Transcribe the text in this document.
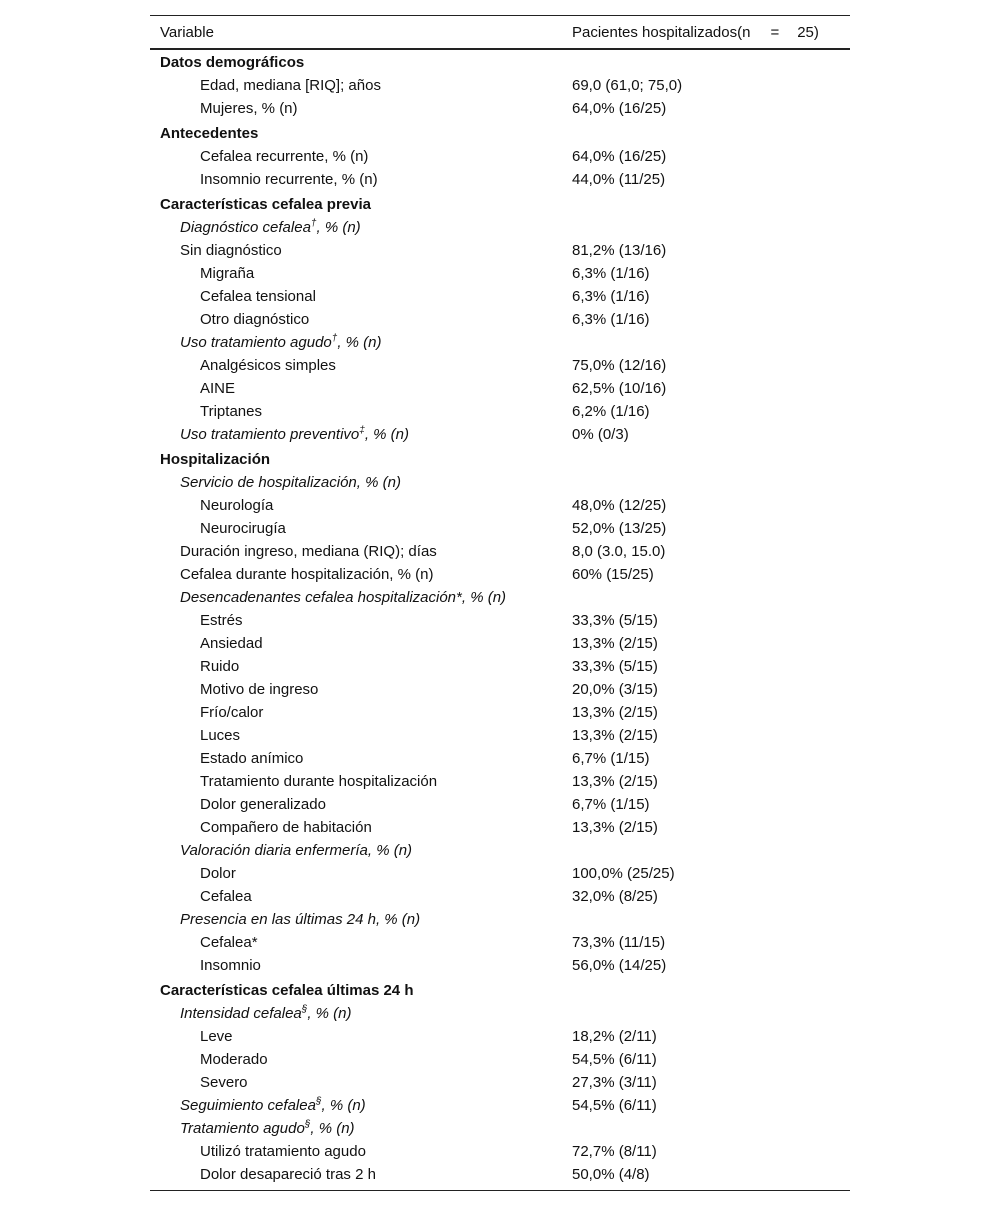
Variable	Pacientes hospitalizados(n = 25)
Datos demográficos
Edad, mediana [RIQ]; años	69,0 (61,0; 75,0)
Mujeres, % (n)	64,0% (16/25)
Antecedentes
Cefalea recurrente, % (n)	64,0% (16/25)
Insomnio recurrente, % (n)	44,0% (11/25)
Características cefalea previa
Diagnóstico cefalea†, % (n)
Sin diagnóstico	81,2% (13/16)
Migraña	6,3% (1/16)
Cefalea tensional	6,3% (1/16)
Otro diagnóstico	6,3% (1/16)
Uso tratamiento agudo†, % (n)
Analgésicos simples	75,0% (12/16)
AINE	62,5% (10/16)
Triptanes	6,2% (1/16)
Uso tratamiento preventivo‡, % (n)	0% (0/3)
Hospitalización
Servicio de hospitalización, % (n)
Neurología	48,0% (12/25)
Neurocirugía	52,0% (13/25)
Duración ingreso, mediana (RIQ); días	8,0 (3.0, 15.0)
Cefalea durante hospitalización, % (n)	60% (15/25)
Desencadenantes cefalea hospitalización*, % (n)
Estrés	33,3% (5/15)
Ansiedad	13,3% (2/15)
Ruido	33,3% (5/15)
Motivo de ingreso	20,0% (3/15)
Frío/calor	13,3% (2/15)
Luces	13,3% (2/15)
Estado anímico	6,7% (1/15)
Tratamiento durante hospitalización	13,3% (2/15)
Dolor generalizado	6,7% (1/15)
Compañero de habitación	13,3% (2/15)
Valoración diaria enfermería, % (n)
Dolor	100,0% (25/25)
Cefalea	32,0% (8/25)
Presencia en las últimas 24 h, % (n)
Cefalea*	73,3% (11/15)
Insomnio	56,0% (14/25)
Características cefalea últimas 24 h
Intensidad cefalea§, % (n)
Leve	18,2% (2/11)
Moderado	54,5% (6/11)
Severo	27,3% (3/11)
Seguimiento cefalea§, % (n)	54,5% (6/11)
Tratamiento agudo§, % (n)
Utilizó tratamiento agudo	72,7% (8/11)
Dolor desapareció tras 2 h	50,0% (4/8)
